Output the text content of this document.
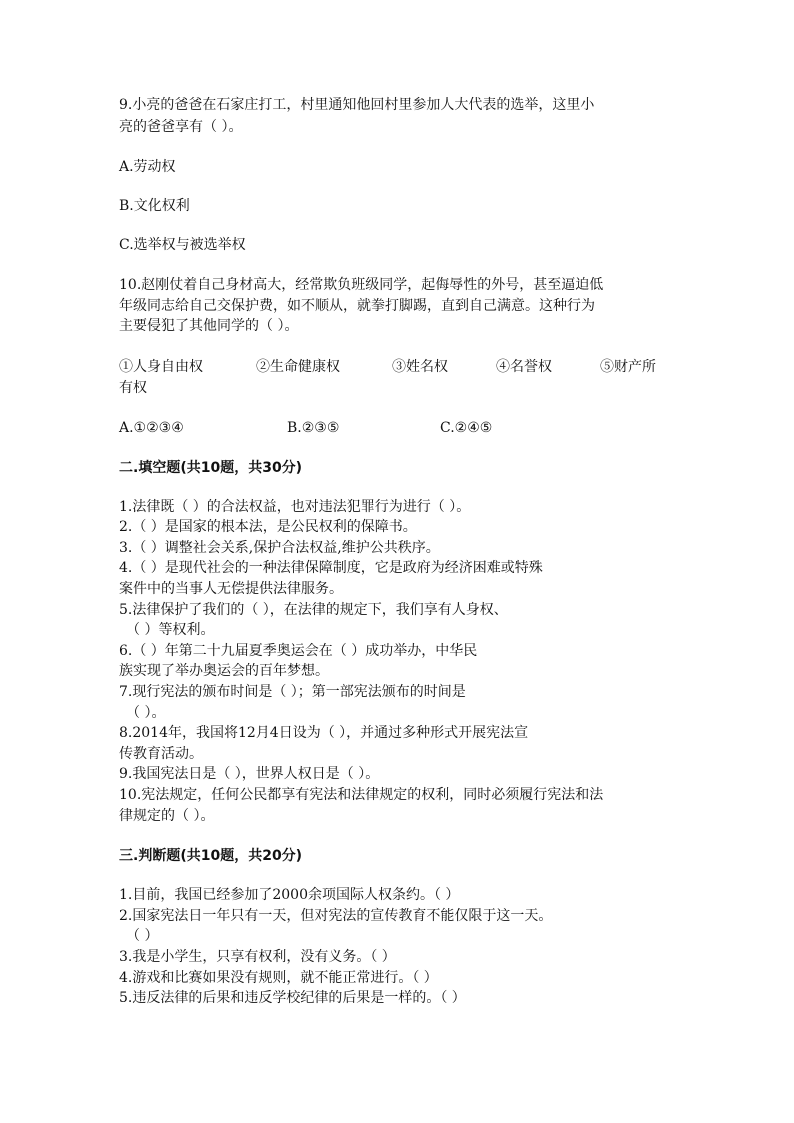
9.小亮的爸爸在石家庄打工，村里通知他回村里参加人大代表的选举，这里小
亮的爸爸享有（ ）。
A.劳动权
B.文化权利
C.选举权与被选举权
10.赵刚仗着自己身材高大，经常欺负班级同学，起侮辱性的外号，甚至逼迫低
年级同志给自己交保护费，如不顺从，就拳打脚踢，直到自己满意。这种行为
主要侵犯了其他同学的（ ）。
①人身自由权	②生命健康权	③姓名权	④名誉权	⑤财产所
有权
A.①②③④	B.②③⑤	C.②④⑤
二.填空题(共10题，共30分)
1.法律既（ ）的合法权益，也对违法犯罪行为进行（ ）。
2.（ ）是国家的根本法，是公民权利的保障书。
3.（ ）调整社会关系,保护合法权益,维护公共秩序。
4.（ ）是现代社会的一种法律保障制度，它是政府为经济困难或特殊
案件中的当事人无偿提供法律服务。
5.法律保护了我们的（ ），在法律的规定下，我们享有人身权、
（ ）等权利。
6.（ ）年第二十九届夏季奥运会在（ ）成功举办，中华民
族实现了举办奥运会的百年梦想。
7.现行宪法的颁布时间是（ ）；第一部宪法颁布的时间是
（ ）。
8.2014年，我国将12月4日设为（ ），并通过多种形式开展宪法宣
传教育活动。
9.我国宪法日是（ ），世界人权日是（ ）。
10.宪法规定，任何公民都享有宪法和法律规定的权利，同时必须履行宪法和法
律规定的（ ）。
三.判断题(共10题，共20分)
1.目前，我国已经参加了2000余项国际人权条约。（ ）
2.国家宪法日一年只有一天，但对宪法的宣传教育不能仅限于这一天。
（ ）
3.我是小学生，只享有权利，没有义务。（ ）
4.游戏和比赛如果没有规则，就不能正常进行。（ ）
5.违反法律的后果和违反学校纪律的后果是一样的。（ ）
